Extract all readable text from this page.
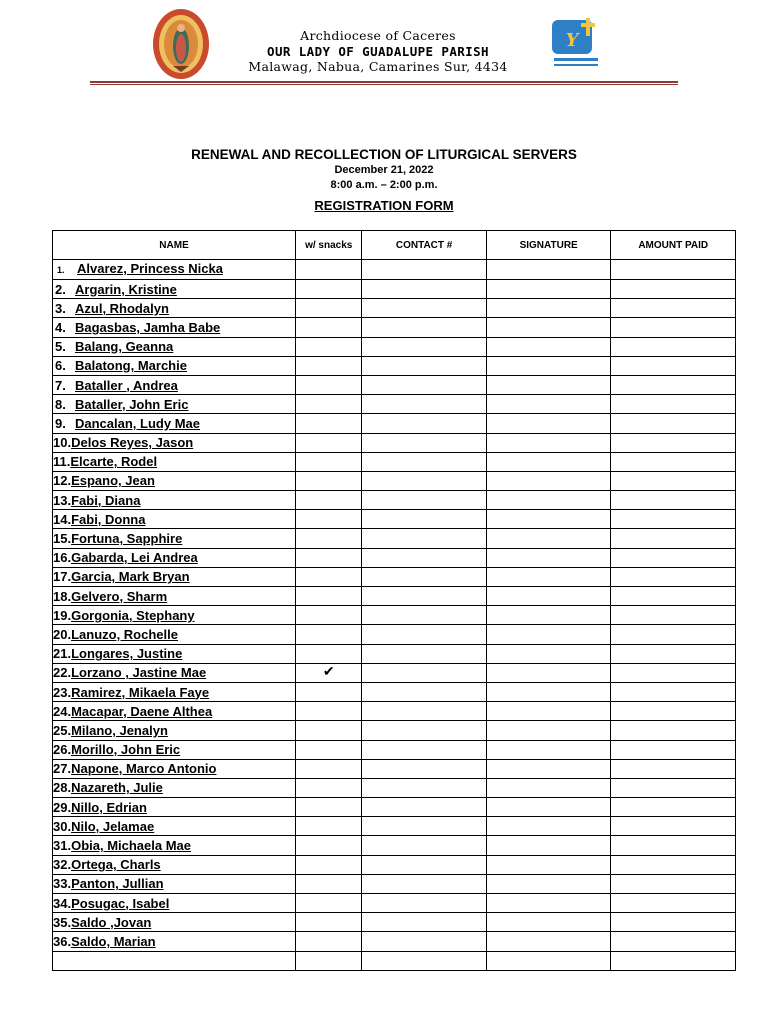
Archdiocese of Caceres
OUR LADY OF GUADALUPE PARISH
Malawag, Nabua, Camarines Sur, 4434
Y
RENEWAL AND RECOLLECTION OF LITURGICAL SERVERS
December 21, 2022
8:00 a.m. – 2:00 p.m.
REGISTRATION FORM
NAME	w/ snacks	CONTACT #	SIGNATURE	AMOUNT PAID
1. Alvarez, Princess Nicka				
2. Argarin, Kristine				
3. Azul, Rhodalyn				
4. Bagasbas, Jamha Babe				
5. Balang, Geanna				
6. Balatong, Marchie				
7. Bataller , Andrea				
8. Bataller, John Eric				
9. Dancalan, Ludy Mae				
10.Delos Reyes, Jason				
11.Elcarte, Rodel				
12.Espano, Jean				
13.Fabi, Diana				
14.Fabi, Donna				
15.Fortuna, Sapphire				
16.Gabarda, Lei Andrea				
17.Garcia, Mark Bryan				
18.Gelvero, Sharm				
19.Gorgonia, Stephany				
20.Lanuzo, Rochelle				
21.Longares, Justine				
22.Lorzano , Jastine Mae	✔			
23.Ramirez, Mikaela Faye				
24.Macapar, Daene Althea				
25.Milano, Jenalyn				
26.Morillo, John Eric				
27.Napone, Marco Antonio				
28.Nazareth, Julie				
29.Nillo, Edrian				
30.Nilo, Jelamae				
31.Obia, Michaela Mae				
32.Ortega, Charls				
33.Panton, Jullian				
34.Posugac, Isabel				
35.Saldo ,Jovan				
36.Saldo, Marian				
